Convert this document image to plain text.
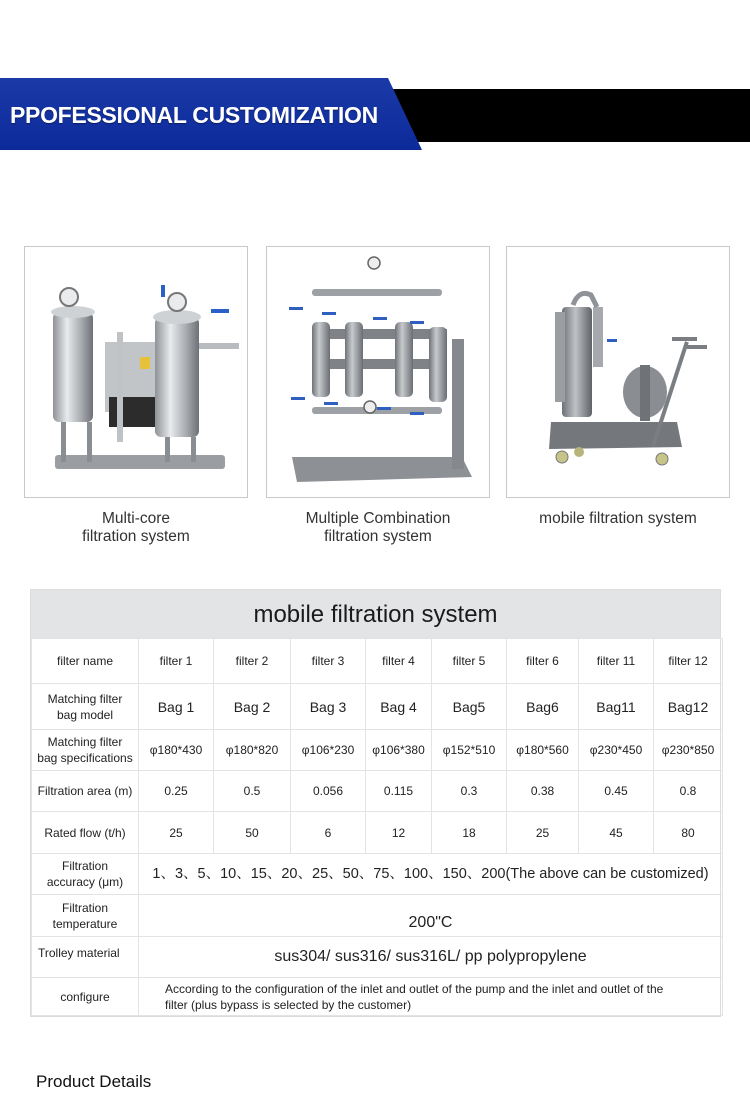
PPOFESSIONAL CUSTOMIZATION
Multi-core
filtration system
Multiple Combination
filtration system
mobile filtration system
mobile filtration system
filter name	filter 1	filter 2	filter 3	filter 4	filter 5	filter 6	filter 11	filter 12

Matching filter
bag model	Bag 1	Bag 2	Bag 3	Bag 4	Bag5	Bag6	Bag11	Bag12

Matching filter
bag specifications	φ180*430	φ180*820	φ106*230	φ106*380	φ152*510	φ180*560	φ230*450	φ230*850
Filtration area (m)	0.25	0.5	0.056	0.115	0.3	0.38	0.45	0.8
Rated flow (t/h)	25	50	6	12	18	25	45	80

Filtration
accuracy (μm)	1、3、5、10、15、20、25、50、75、100、150、200(The above can be customized)							

Filtration
temperature	200"C							
Trolley material	sus304/ sus316/ sus316L/ pp polypropylene							
configure	According to the configuration of the inlet and outlet of the pump and the inlet and outlet of the
filter (plus bypass is selected by the customer)							
Product Details
